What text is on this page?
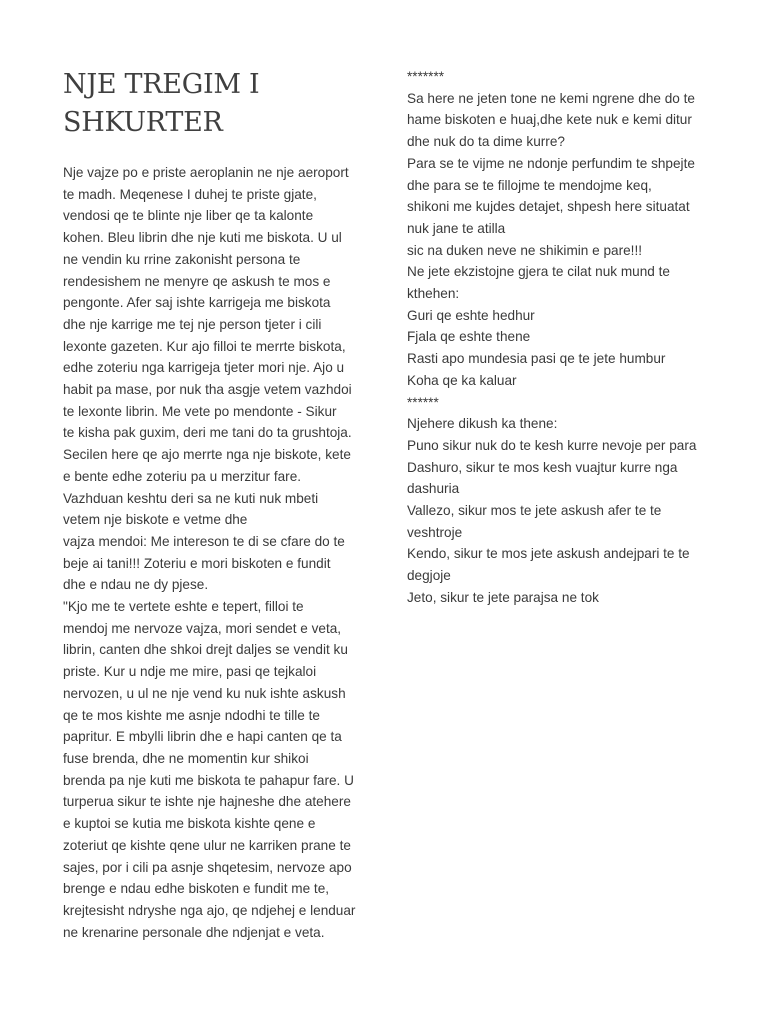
NJE TREGIM I
SHKURTER
Nje vajze po e priste aeroplanin ne nje aeroport
te madh. Meqenese I duhej te priste gjate,
vendosi qe te blinte nje liber qe ta kalonte
kohen. Bleu librin dhe nje kuti me biskota. U ul
ne vendin ku rrine zakonisht persona te
rendesishem ne menyre qe askush te mos e
pengonte. Afer saj ishte karrigeja me biskota
dhe nje karrige me tej nje person tjeter i cili
lexonte gazeten. Kur ajo filloi te merrte biskota,
edhe zoteriu nga karrigeja tjeter mori nje. Ajo u
habit pa mase, por nuk tha asgje vetem vazhdoi
te lexonte librin. Me vete po mendonte - Sikur
te kisha pak guxim, deri me tani do ta grushtoja.
Secilen here qe ajo merrte nga nje biskote, kete
e bente edhe zoteriu pa u merzitur fare.
Vazhduan keshtu deri sa ne kuti nuk mbeti
vetem nje biskote e vetme dhe
vajza mendoi: Me intereson te di se cfare do te
beje ai tani!!! Zoteriu e mori biskoten e fundit
dhe e ndau ne dy pjese.
"Kjo me te vertete eshte e tepert, filloi te
mendoj me nervoze vajza, mori sendet e veta,
librin, canten dhe shkoi drejt daljes se vendit ku
priste. Kur u ndje me mire, pasi qe tejkaloi
nervozen, u ul ne nje vend ku nuk ishte askush
qe te mos kishte me asnje ndodhi te tille te
papritur. E mbylli librin dhe e hapi canten qe ta
fuse brenda, dhe ne momentin kur shikoi
brenda pa nje kuti me biskota te pahapur fare. U
turperua sikur te ishte nje hajneshe dhe atehere
e kuptoi se kutia me biskota kishte qene e
zoteriut qe kishte qene ulur ne karriken prane te
sajes, por i cili pa asnje shqetesim, nervoze apo
brenge e ndau edhe biskoten e fundit me te,
krejtesisht ndryshe nga ajo, qe ndjehej e lenduar
ne krenarine personale dhe ndjenjat e veta.
*******
Sa here ne jeten tone ne kemi ngrene dhe do te
hame biskoten e huaj,dhe kete nuk e kemi ditur
dhe nuk do ta dime kurre?
Para se te vijme ne ndonje perfundim te shpejte
dhe para se te fillojme te mendojme keq,
shikoni me kujdes detajet, shpesh here situatat
nuk jane te atilla
sic na duken neve ne shikimin e pare!!!
Ne jete ekzistojne gjera te cilat nuk mund te
kthehen:
Guri qe eshte hedhur
Fjala qe eshte thene
Rasti apo mundesia pasi qe te jete humbur
Koha qe ka kaluar
******
Njehere dikush ka thene:
Puno sikur nuk do te kesh kurre nevoje per para
Dashuro, sikur te mos kesh vuajtur kurre nga
dashuria
Vallezo, sikur mos te jete askush afer te te
veshtroje
Kendo, sikur te mos jete askush andejpari te te
degjoje
Jeto, sikur te jete parajsa ne tok
